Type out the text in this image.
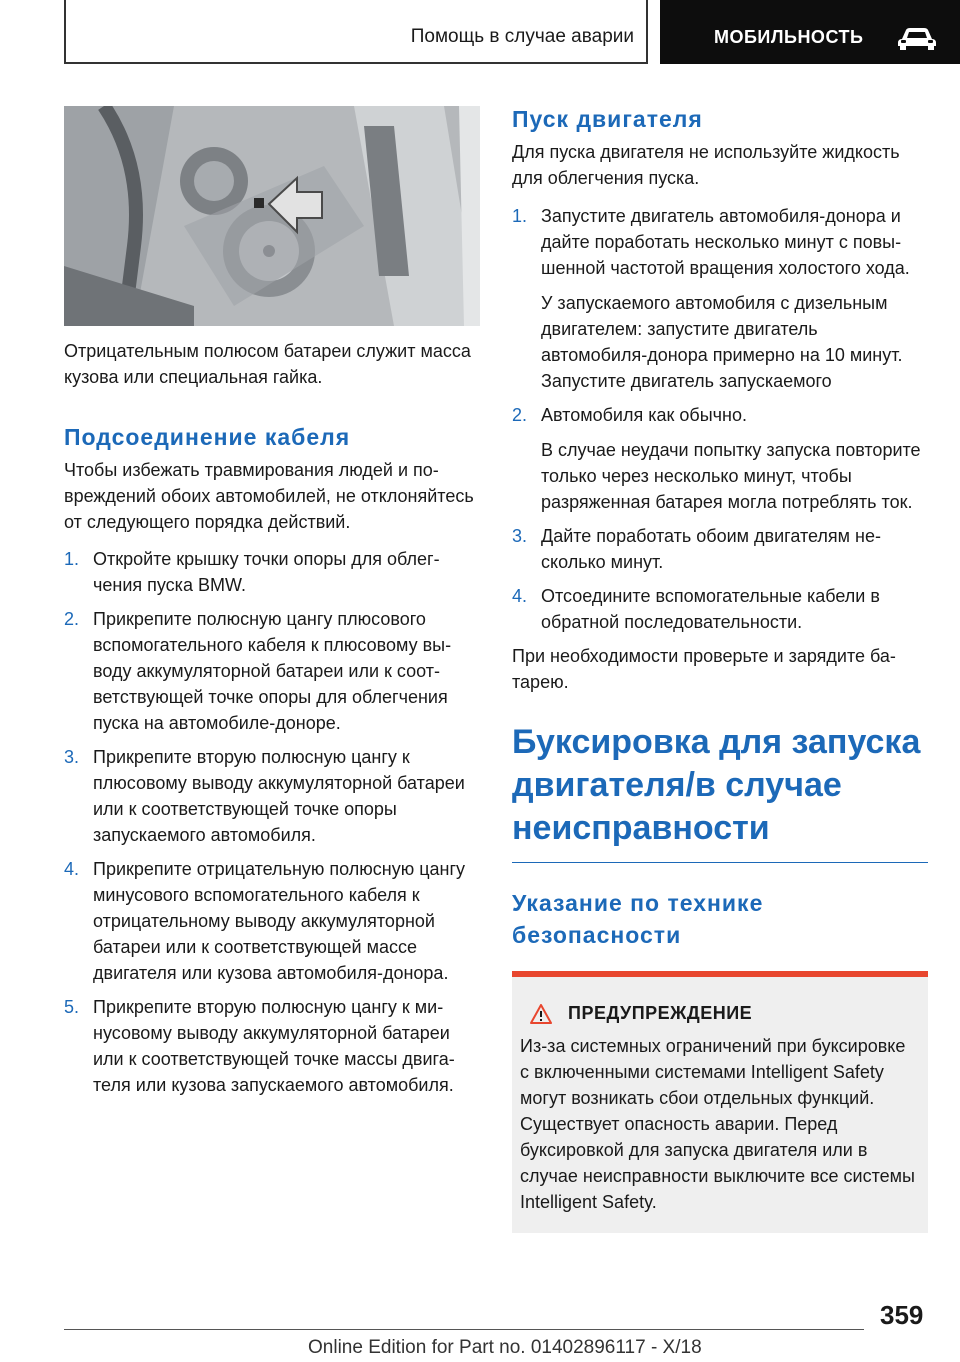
Помощь в случае аварии	МОБИЛЬНОСТЬ

Отрицательным полюсом батареи служит масса кузова или специальная гайка.

Подсоединение кабеля

Чтобы избежать травмирования людей и повреждений обоих автомобилей, не отклоняйтесь от следующего порядка действий.

1. Откройте крышку точки опоры для облегчения пуска BMW.
2. Прикрепите полюсную цангу плюсового вспомогательного кабеля к плюсовому выводу аккумуляторной батареи или к соответствующей точке опоры для облегчения пуска на автомобиле-доноре.
3. Прикрепите вторую полюсную цангу к плюсовому выводу аккумуляторной батареи или к соответствующей точке опоры запускаемого автомобиля.
4. Прикрепите отрицательную полюсную цангу минусового вспомогательного кабеля к отрицательному выводу аккумуляторной батареи или к соответствующей массе двигателя или кузова автомобиля-донора.
5. Прикрепите вторую полюсную цангу к минусовому выводу аккумуляторной батареи или к соответствующей точке массы двигателя или кузова запускаемого автомобиля.

Пуск двигателя

Для пуска двигателя не используйте жидкость для облегчения пуска.

1. Запустите двигатель автомобиля-донора и дайте поработать несколько минут с повышенной частотой вращения холостого хода.
У запускаемого автомобиля с дизельным двигателем: запустите двигатель автомобиля-донора примерно на 10 минут. Запустите двигатель запускаемого
2. Автомобиля как обычно.
В случае неудачи попытку запуска повторите только через несколько минут, чтобы разряженная батарея могла потреблять ток.
3. Дайте поработать обоим двигателям несколько минут.
4. Отсоедините вспомогательные кабели в обратной последовательности.

При необходимости проверьте и зарядите батарею.

Буксировка для запуска двигателя/в случае неисправности

Указание по технике безопасности

ПРЕДУПРЕЖДЕНИЕ

Из-за системных ограничений при буксировке с включенными системами Intelligent Safety могут возникать сбои отдельных функций. Существует опасность аварии. Перед буксировкой для запуска двигателя или в случае неисправности выключите все системы Intelligent Safety.

359
Online Edition for Part no. 01402896117 - X/18
